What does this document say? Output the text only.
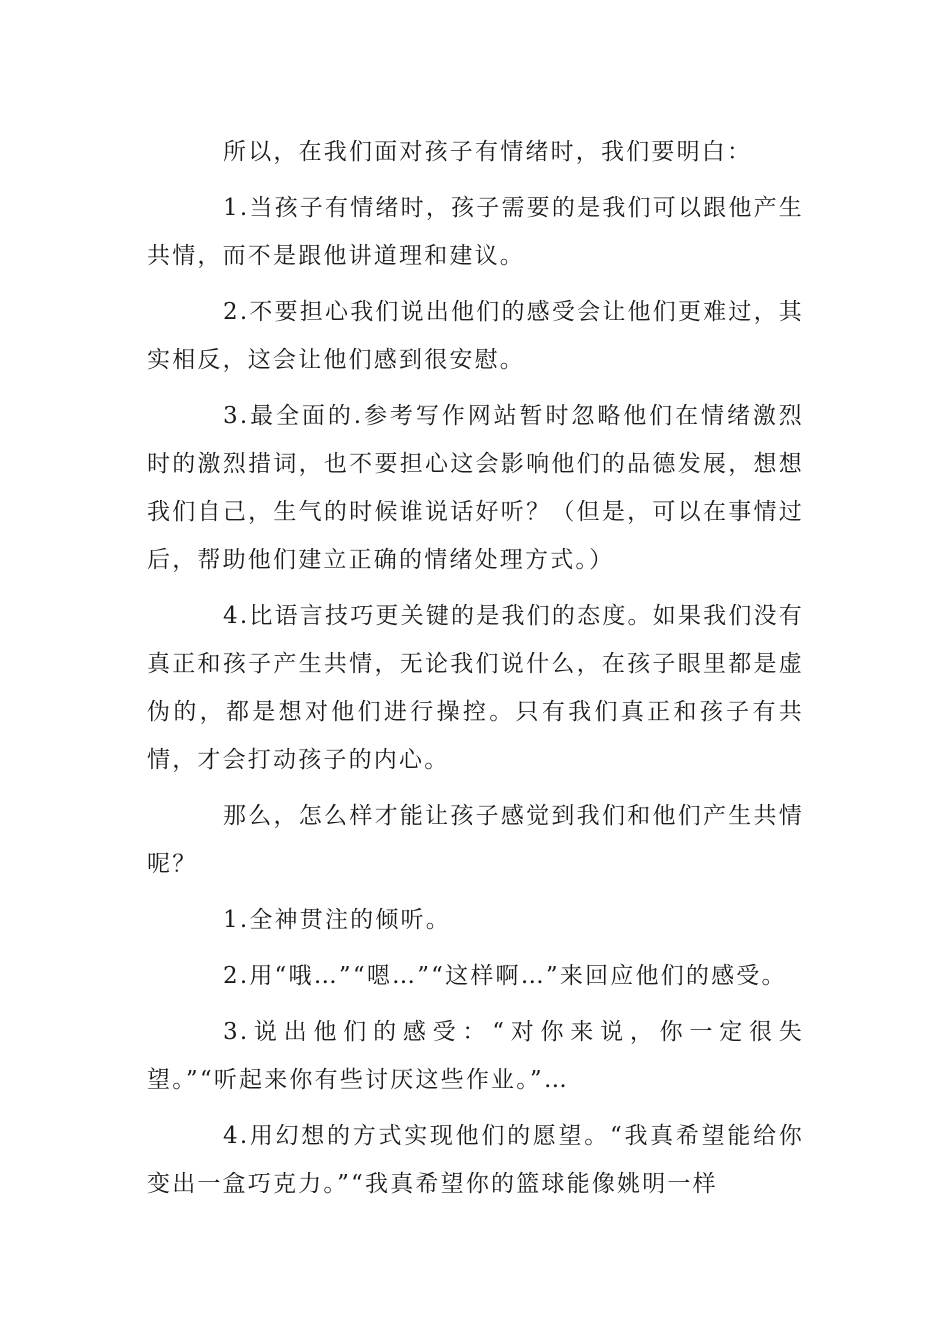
所以，在我们面对孩子有情绪时，我们要明白：

1.当孩子有情绪时，孩子需要的是我们可以跟他产生共情，而不是跟他讲道理和建议。

2.不要担心我们说出他们的感受会让他们更难过，其实相反，这会让他们感到很安慰。

3.最全面的.参考写作网站暂时忽略他们在情绪激烈时的激烈措词，也不要担心这会影响他们的品德发展，想想我们自己，生气的时候谁说话好听？（但是，可以在事情过后，帮助他们建立正确的情绪处理方式。）

4.比语言技巧更关键的是我们的态度。如果我们没有真正和孩子产生共情，无论我们说什么，在孩子眼里都是虚伪的，都是想对他们进行操控。只有我们真正和孩子有共情，才会打动孩子的内心。

那么，怎么样才能让孩子感觉到我们和他们产生共情呢？

1.全神贯注的倾听。

2.用“哦…”“嗯…”“这样啊…”来回应他们的感受。

3.说出他们的感受：“对你来说，你一定很失望。”“听起来你有些讨厌这些作业。”…

4.用幻想的方式实现他们的愿望。“我真希望能给你变出一盒巧克力。”“我真希望你的篮球能像姚明一样
